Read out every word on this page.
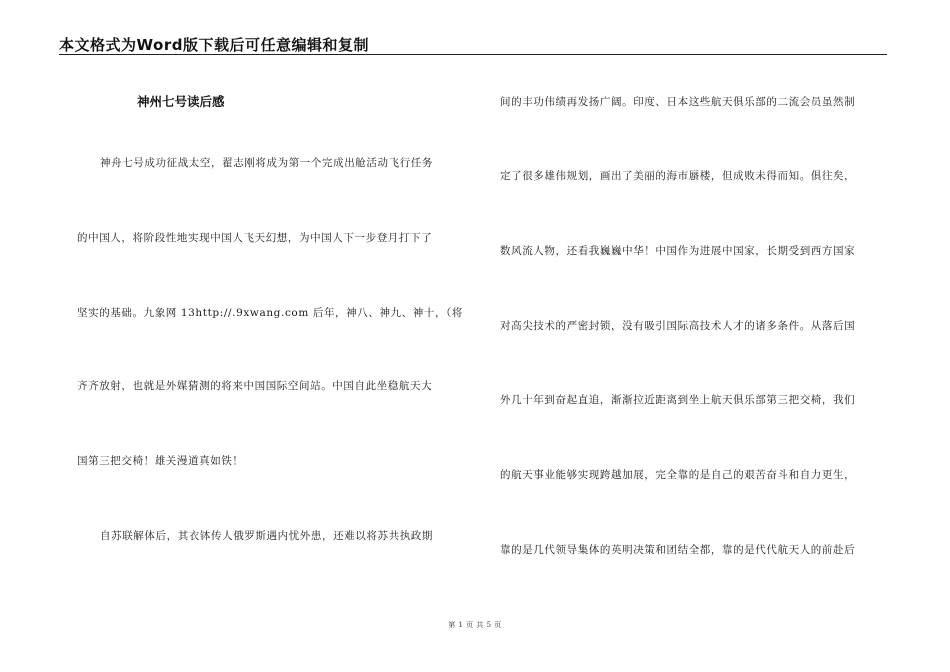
本文格式为Word版下载后可任意编辑和复制
神州七号读后感
神舟七号成功征战太空，翟志刚将成为第一个完成出舱活动飞行任务
的中国人，将阶段性地实现中国人飞天幻想，为中国人下一步登月打下了
坚实的基础。九象网 13http://.9xwang.com 后年，神八、神九、神十，（将
齐齐放射，也就是外媒猜测的将来中国国际空间站。中国自此坐稳航天大
国第三把交椅！雄关漫道真如铁！
自苏联解体后，其衣钵传人俄罗斯遇内忧外患，还难以将苏共执政期
间的丰功伟绩再发扬广阔。印度、日本这些航天俱乐部的二流会员虽然制
定了很多雄伟规划，画出了美丽的海市蜃楼，但成败未得而知。俱往矣，
数风流人物，还看我巍巍中华！中国作为进展中国家，长期受到西方国家
对高尖技术的严密封锁，没有吸引国际高技术人才的诸多条件。从落后国
外几十年到奋起直追，渐渐拉近距离到坐上航天俱乐部第三把交椅，我们
的航天事业能够实现跨越加展，完全靠的是自己的艰苦奋斗和自力更生，
靠的是几代领导集体的英明决策和团结全都，靠的是代代航天人的前赴后
第 1 页 共 5 页
